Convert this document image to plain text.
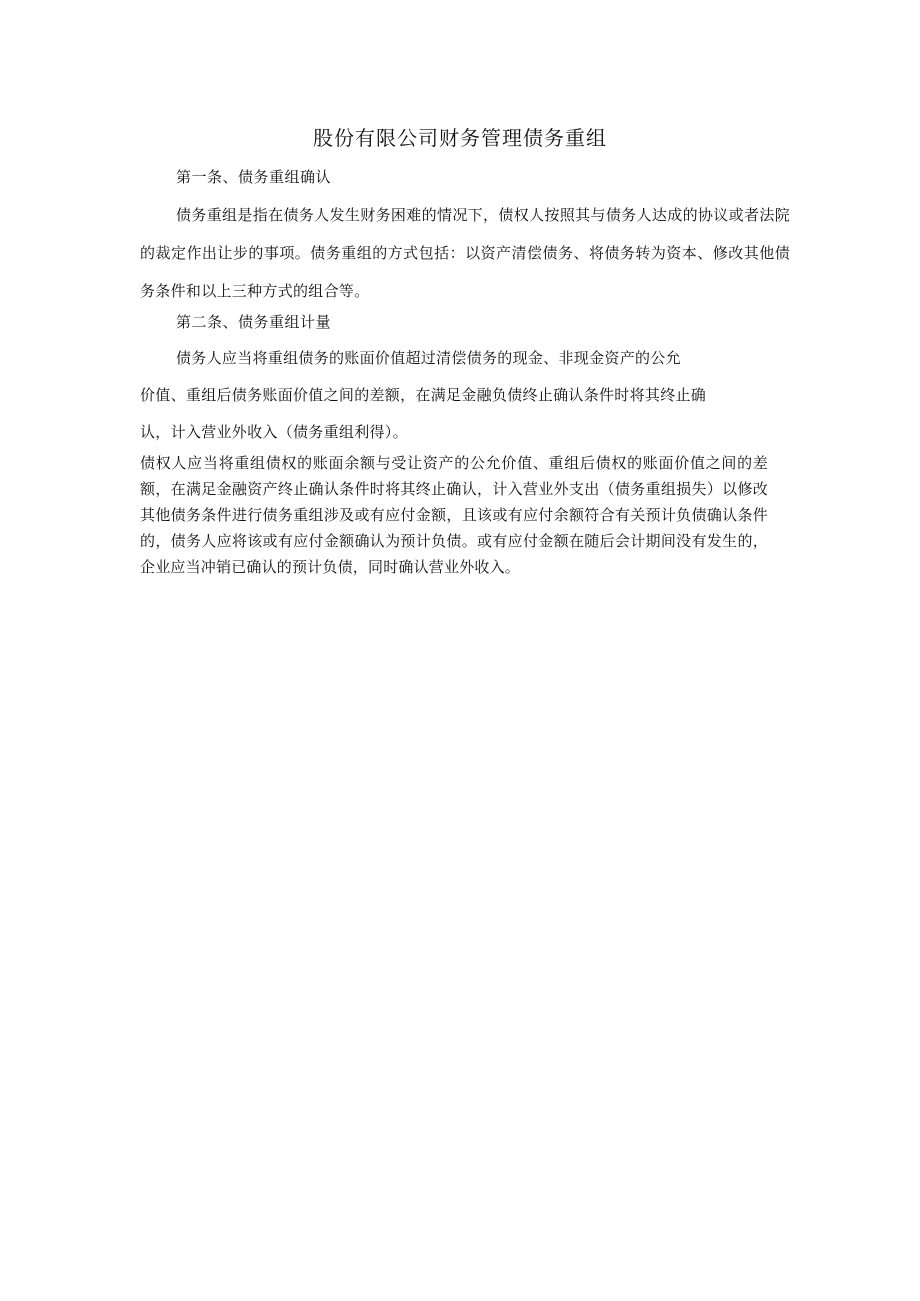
股份有限公司财务管理债务重组
第一条、债务重组确认
债务重组是指在债务人发生财务困难的情况下，债权人按照其与债务人达成的协议或者法院的裁定作出让步的事项。债务重组的方式包括：以资产清偿债务、将债务转为资本、修改其他债务条件和以上三种方式的组合等。
第二条、债务重组计量
债务人应当将重组债务的账面价值超过清偿债务的现金、非现金资产的公允
价值、重组后债务账面价值之间的差额，在满足金融负债终止确认条件时将其终止确
认，计入营业外收入（债务重组利得）。
债权人应当将重组债权的账面余额与受让资产的公允价值、重组后债权的账面价值之间的差额，在满足金融资产终止确认条件时将其终止确认，计入营业外支出（债务重组损失）以修改其他债务条件进行债务重组涉及或有应付金额，且该或有应付余额符合有关预计负债确认条件的，债务人应将该或有应付金额确认为预计负债。或有应付金额在随后会计期间没有发生的，企业应当冲销已确认的预计负债，同时确认营业外收入。
